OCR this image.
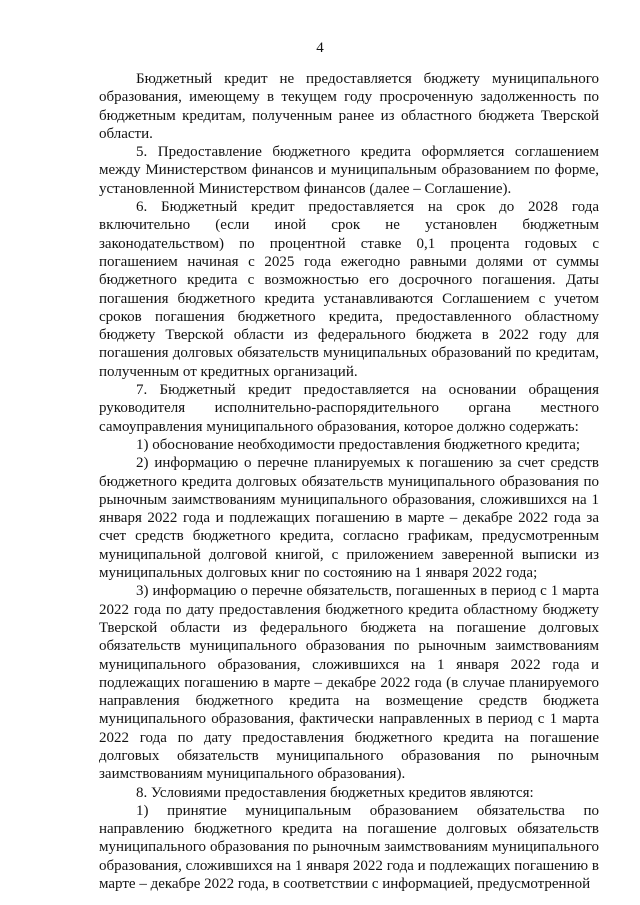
4

Бюджетный кредит не предоставляется бюджету муниципального образования, имеющему в текущем году просроченную задолженность по бюджетным кредитам, полученным ранее из областного бюджета Тверской области.

5. Предоставление бюджетного кредита оформляется соглашением между Министерством финансов и муниципальным образованием по форме, установленной Министерством финансов (далее – Соглашение).

6. Бюджетный кредит предоставляется на срок до 2028 года включительно (если иной срок не установлен бюджетным законодательством) по процентной ставке 0,1 процента годовых с погашением начиная с 2025 года ежегодно равными долями от суммы бюджетного кредита с возможностью его досрочного погашения. Даты погашения бюджетного кредита устанавливаются Соглашением с учетом сроков погашения бюджетного кредита, предоставленного областному бюджету Тверской области из федерального бюджета в 2022 году для погашения долговых обязательств муниципальных образований по кредитам, полученным от кредитных организаций.

7. Бюджетный кредит предоставляется на основании обращения руководителя исполнительно-распорядительного органа местного самоуправления муниципального образования, которое должно содержать:

1) обоснование необходимости предоставления бюджетного кредита;

2) информацию о перечне планируемых к погашению за счет средств бюджетного кредита долговых обязательств муниципального образования по рыночным заимствованиям муниципального образования, сложившихся на 1 января 2022 года и подлежащих погашению в марте – декабре 2022 года за счет средств бюджетного кредита, согласно графикам, предусмотренным муниципальной долговой книгой, с приложением заверенной выписки из муниципальных долговых книг по состоянию на 1 января 2022 года;

3) информацию о перечне обязательств, погашенных в период с 1 марта 2022 года по дату предоставления бюджетного кредита областному бюджету Тверской области из федерального бюджета на погашение долговых обязательств муниципального образования по рыночным заимствованиям муниципального образования, сложившихся на 1 января 2022 года и подлежащих погашению в марте – декабре 2022 года (в случае планируемого направления бюджетного кредита на возмещение средств бюджета муниципального образования, фактически направленных в период с 1 марта 2022 года по дату предоставления бюджетного кредита на погашение долговых обязательств муниципального образования по рыночным заимствованиям муниципального образования).

8. Условиями предоставления бюджетных кредитов являются:

1) принятие муниципальным образованием обязательства по направлению бюджетного кредита на погашение долговых обязательств муниципального образования по рыночным заимствованиям муниципального образования, сложившихся на 1 января 2022 года и подлежащих погашению в марте – декабре 2022 года, в соответствии с информацией, предусмотренной
